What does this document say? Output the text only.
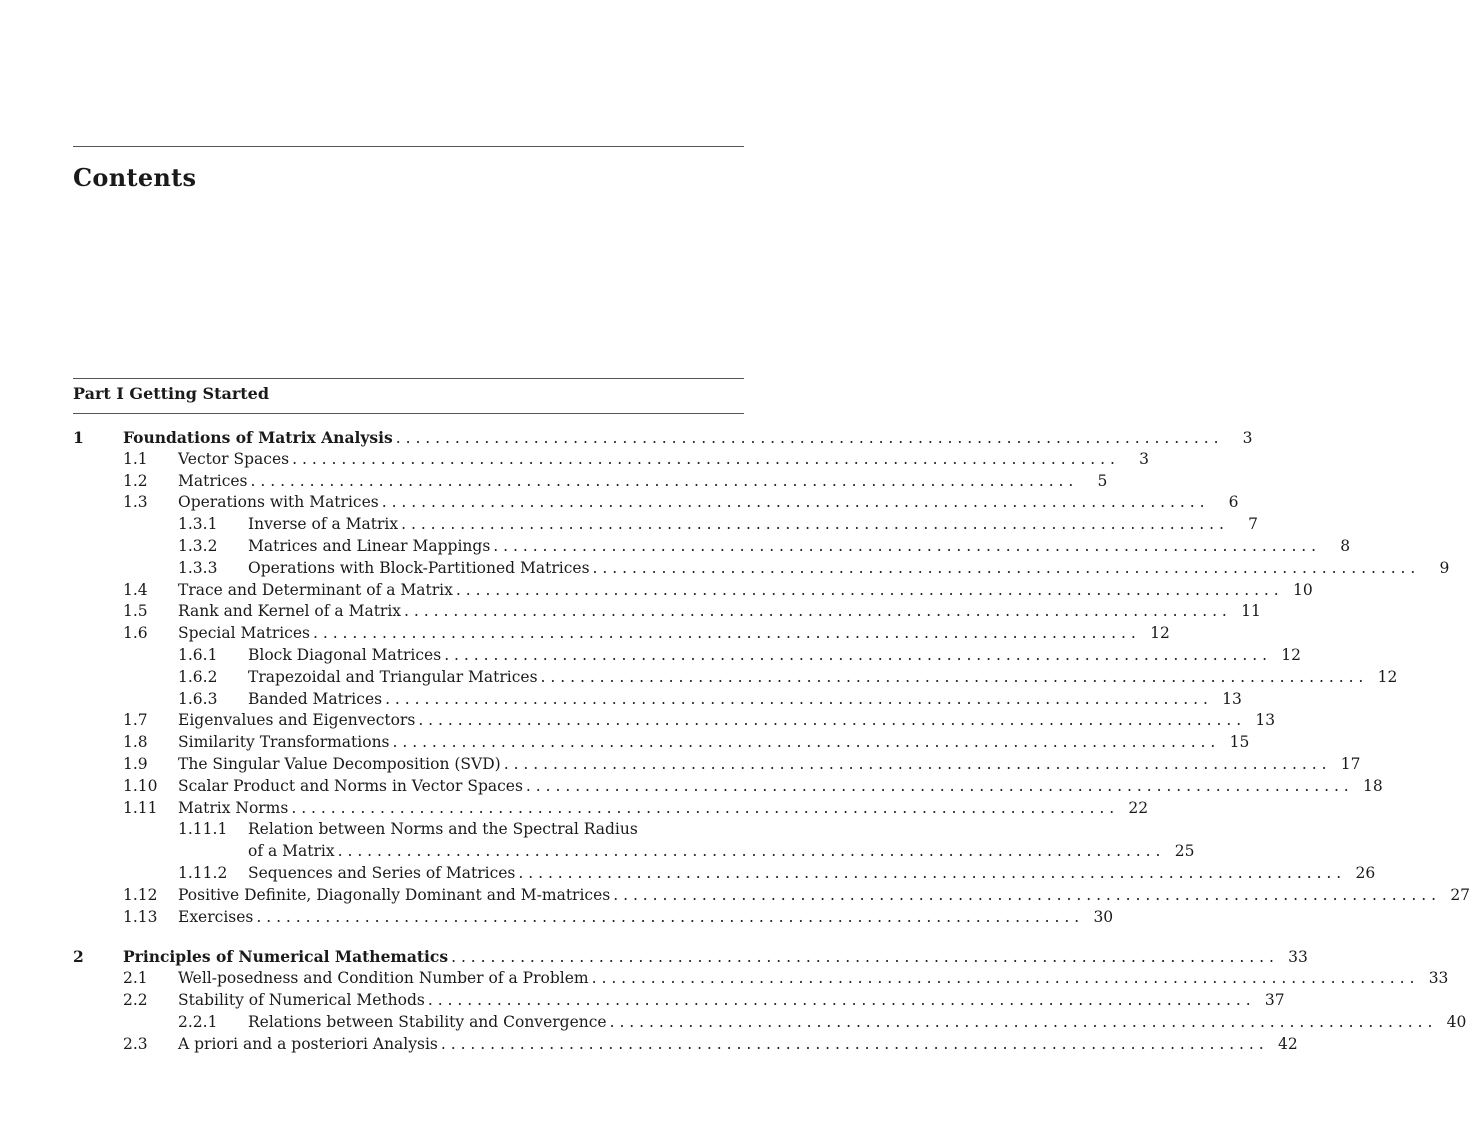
Contents
Part I Getting Started
1	Foundations of Matrix Analysis . . .	3
1.1	Vector Spaces . . .	3
1.2	Matrices . . .	5
1.3	Operations with Matrices . . .	6
1.3.1	Inverse of a Matrix . . .	7
1.3.2	Matrices and Linear Mappings . . .	8
1.3.3	Operations with Block-Partitioned Matrices . . .	9
1.4	Trace and Determinant of a Matrix . . .	10
1.5	Rank and Kernel of a Matrix . . .	11
1.6	Special Matrices . . .	12
1.6.1	Block Diagonal Matrices . . .	12
1.6.2	Trapezoidal and Triangular Matrices . . .	12
1.6.3	Banded Matrices . . .	13
1.7	Eigenvalues and Eigenvectors . . .	13
1.8	Similarity Transformations . . .	15
1.9	The Singular Value Decomposition (SVD) . . .	17
1.10	Scalar Product and Norms in Vector Spaces . . .	18
1.11	Matrix Norms . . .	22
1.11.1	Relation between Norms and the Spectral Radius
of a Matrix . . .	25
1.11.2	Sequences and Series of Matrices . . .	26
1.12	Positive Definite, Diagonally Dominant and M-matrices . . .	27
1.13	Exercises . . .	30
2	Principles of Numerical Mathematics . . .	33
2.1	Well-posedness and Condition Number of a Problem . . .	33
2.2	Stability of Numerical Methods . . .	37
2.2.1	Relations between Stability and Convergence . . .	40
2.3	A priori and a posteriori Analysis . . .	42
